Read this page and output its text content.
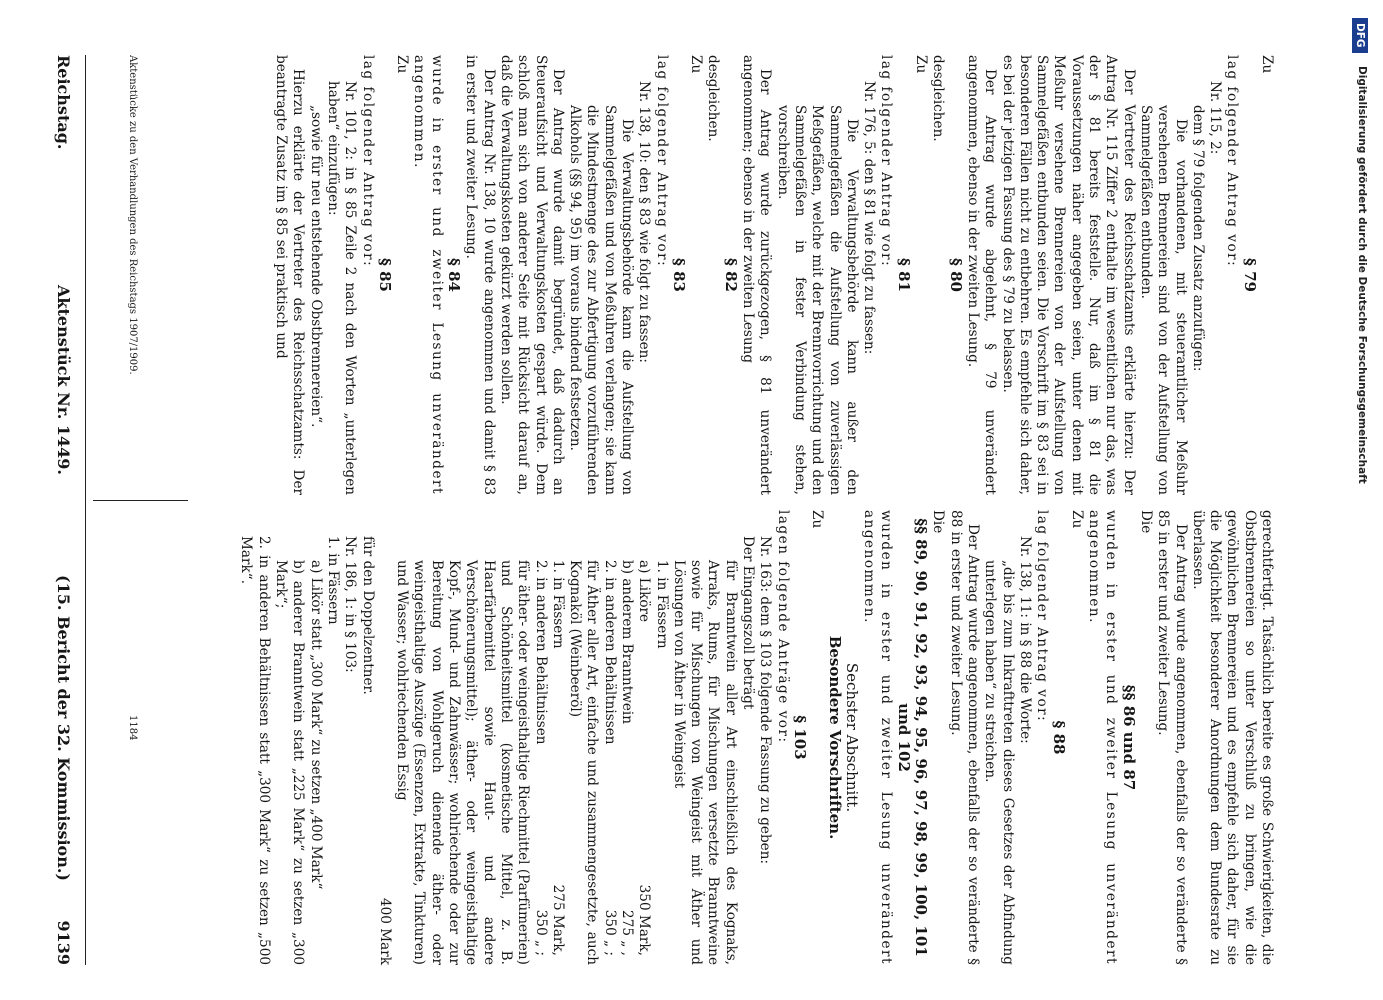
Reichstag.
Aktenstück Nr. 1449.
(15. Bericht der 32. Kommission.)
9139

Zu

§ 79

lag folgender Antrag vor:

Nr. 115, 2:

dem § 79 folgenden Zusatz anzufügen:

Die vorhandenen, mit steueramtlicher Meßuhr versehenen Brennereien sind von der Aufstellung von Sammelgefäßen entbunden.

Der Vertreter des Reichsschatzamts erklärte hierzu: Der Antrag Nr. 115 Ziffer 2 enthalte im wesentlichen nur das, was der § 81 bereits feststelle. Nur, daß im § 81 die Voraussetzungen näher angegeben seien, unter denen mit Meßuhr versehene Brennereien von der Aufstellung von Sammelgefäßen entbunden seien. Die Vorschrift im § 83 sei in besonderen Fällen nicht zu entbehren. Es empfehle sich daher, es bei der jetzigen Fassung des § 79 zu belassen.

Der Antrag wurde abgelehnt, § 79 unverändert angenommen, ebenso in der zweiten Lesung.

§ 80

desgleichen.

Zu

§ 81

lag folgender Antrag vor:

Nr. 176, 5: den § 81 wie folgt zu fassen:

Die Verwaltungsbehörde kann außer den Sammelgefäßen die Aufstellung von zuverlässigen Meßgefäßen, welche mit der Brennvorrichtung und den Sammelgefäßen in fester Verbindung stehen, vorschreiben.

Der Antrag wurde zurückgezogen, § 81 unverändert angenommen; ebenso in der zweiten Lesung

§ 82

desgleichen.

Zu

§ 83

lag folgender Antrag vor:

Nr. 138, 10: den § 83 wie folgt zu fassen:

Die Verwaltungsbehörde kann die Aufstellung von Sammelgefäßen und von Meßuhren verlangen; sie kann die Mindestmenge des zur Abfertigung vorzuführenden Alkohols (§§ 94, 95) im voraus bindend festsetzen.

Der Antrag wurde damit begründet, daß dadurch an Steueraufsicht und Verwaltungskosten gespart würde. Dem schloß man sich von anderer Seite mit Rücksicht darauf an, daß die Verwaltungskosten gekürzt werden sollen.

Der Antrag Nr. 138, 10 wurde angenommen und damit § 83 in erster und zweiter Lesung.

§ 84

wurde in erster und zweiter Lesung unverändert angenommen.

Zu

§ 85

lag folgender Antrag vor:

Nr. 101, 2: in § 85 Zeile 2 nach den Worten „unterlegen haben“ einzufügen:

„sowie für neu entstehende Obstbrennereien“.

Hierzu erklärte der Vertreter des Reichsschatzamts: Der beantragte Zusatz im § 85 sei praktisch und

Aktenstücke zu den Verhandlungen des Reichstags 1907/1909.

gerechtfertigt. Tatsächlich bereite es große Schwierigkeiten, die Obstbrennereien so unter Verschluß zu bringen, wie die gewöhnlichen Brennereien und es empfehle sich daher, für sie die Möglichkeit besonderer Anordnungen dem Bundesrate zu überlassen.

Der Antrag wurde angenommen, ebenfalls der so veränderte § 85 in erster und zweiter Lesung.

Die

§§ 86 und 87

wurden in erster und zweiter Lesung unverändert angenommen.

Zu

§ 88

lag folgender Antrag vor:

Nr. 138, 11: in § 88 die Worte:

„die bis zum Inkrafttreten dieses Gesetzes der Abfindung unterlegen haben“ zu streichen.

Der Antrag wurde angenommen, ebenfalls der so veränderte § 88 in erster und zweiter Lesung.

Die

§§ 89, 90, 91, 92, 93, 94, 95, 96, 97, 98, 99, 100, 101 und 102

wurden in erster und zweiter Lesung unverändert angenommen.

Sechster Abschnitt.

Besondere Vorschriften.

Zu

§ 103

lagen folgende Anträge vor:

Nr. 163: dem § 103 folgende Fassung zu geben:

Der Eingangszoll beträgt

für Branntwein aller Art einschließlich des Kognaks, Arraks, Rums, für Mischungen versetzte Branntweine sowie für Mischungen von Weingeist mit Äther und Lösungen von Äther in Weingeist

1. in Fässern

a) Liköre	350 Mark,
b) anderem Branntwein	275 „ ,
2. in anderen Behältnissen	350 „ ;

für Äther aller Art, einfache und zusammengesetzte, auch Kognaköl (Weinbeeröl)

1. in Fässern	275 Mark,
2. in anderen Behältnissen	350 „ ;

für äther- oder weingeisthaltige Riechmittel (Parfümerien) und Schönheitsmittel (kosmetische Mittel, z. B. Haarfärbemittel sowie Haut- und andere Verschönerungsmittel); äther- oder weingeisthaltige Kopf-, Mund- und Zahnwässer; wohlriechende oder zur Bereitung von Wohlgeruch dienende äther- oder weingeisthaltige Auszüge (Essenzen, Extrakte, Tinkturen) und Wasser; wohlriechenden Essig

400 Mark

für den Doppelzentner.

Nr. 186, 1: in § 103:

1. in Fässern

a) Likör statt „300 Mark“ zu setzen „400 Mark“

b) anderer Branntwein statt „225 Mark“ zu setzen „300 Mark“;

2. in anderen Behältnissen statt „300 Mark“ zu setzen „500 Mark“.

1184
DFG
Digitalisierung gefördert durch die Deutsche Forschungsgemeinschaft
